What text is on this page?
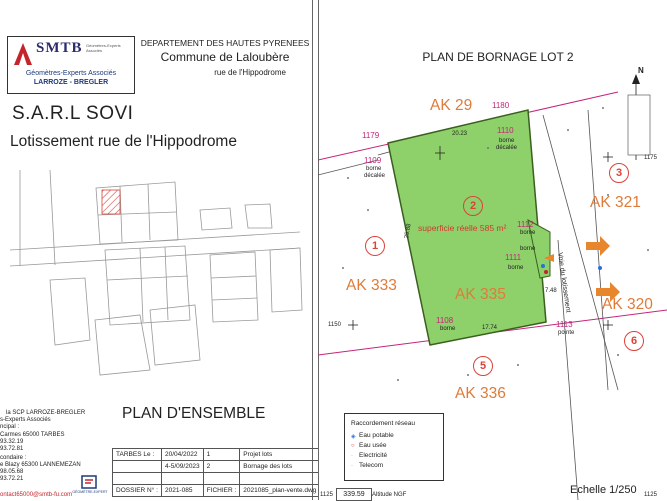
SMTB Géomètres-Experts Associés
Géomètres-Experts Associés
LARROZE - BREGLER
DEPARTEMENT DES HAUTES PYRENEES
Commune de Laloubère
rue de l'Hippodrome
S.A.R.L SOVI
Lotissement rue de l'Hippodrome
PLAN D'ENSEMBLE
la SCP LARROZE-BREGLER
s-Experts Associés
ncipal :
Carmes 65000 TARBES
93.32.19
93.72.81
condaire :
e Blazy 65300 LANNEMEZAN
98.05.68
93.72.21
ontact65000@smtb-fu.com GÉOMÈTRE-EXPERT
TARBES Le :	20/04/2022	1	Projet lots
	4-5/09/2023	2	Bornage des lots

DOSSIER N° :	2021-085	FICHIER :	2021085_plan-vente.dwg
PLAN DE BORNAGE LOT 2
AK 29
AK 321
AK 333
AK 335
AK 320
AK 336
3
1
6
5
2
superficie réelle 585 m²
1179
1180
1110
1109
1112
1111
1108	1113
borne
décalée
borne
décalée
borne
borne
borne
borne
pointe
Voie du lotissement
N
20.23
25.88
17.74
7.48
1175
1150
1125	1125
339.59	Altitude NGF
Raccordement réseau
◈ Eau potable
○ Eau usée
· Electricité
· Telecom
Echelle 1/250
